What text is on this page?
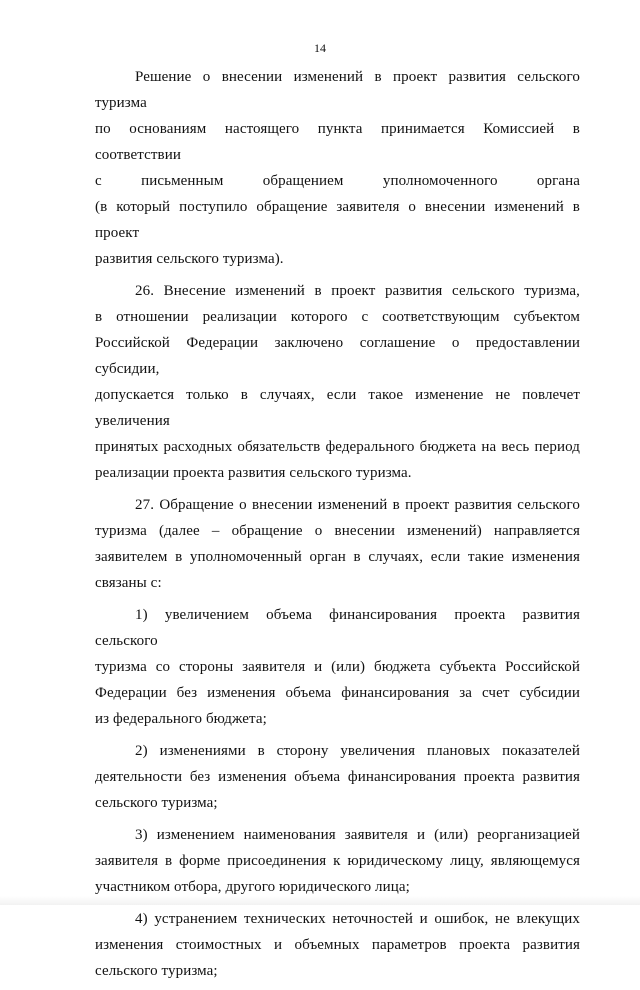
14

Решение о внесении изменений в проект развития сельского туризма
по основаниям настоящего пункта принимается Комиссией в соответствии
с письменным обращением уполномоченного органа
(в который поступило обращение заявителя о внесении изменений в проект
развития сельского туризма).

26. Внесение изменений в проект развития сельского туризма,
в отношении реализации которого с соответствующим субъектом
Российской Федерации заключено соглашение о предоставлении субсидии,
допускается только в случаях, если такое изменение не повлечет увеличения
принятых расходных обязательств федерального бюджета на весь период
реализации проекта развития сельского туризма.

27. Обращение о внесении изменений в проект развития сельского
туризма (далее – обращение о внесении изменений) направляется
заявителем в уполномоченный орган в случаях, если такие изменения
связаны с:

1) увеличением объема финансирования проекта развития сельского
туризма со стороны заявителя и (или) бюджета субъекта Российской
Федерации без изменения объема финансирования за счет субсидии
из федерального бюджета;

2) изменениями в сторону увеличения плановых показателей
деятельности без изменения объема финансирования проекта развития
сельского туризма;

3) изменением наименования заявителя и (или) реорганизацией
заявителя в форме присоединения к юридическому лицу, являющемуся
участником отбора, другого юридического лица;

4) устранением технических неточностей и ошибок, не влекущих
изменения стоимостных и объемных параметров проекта развития
сельского туризма;
